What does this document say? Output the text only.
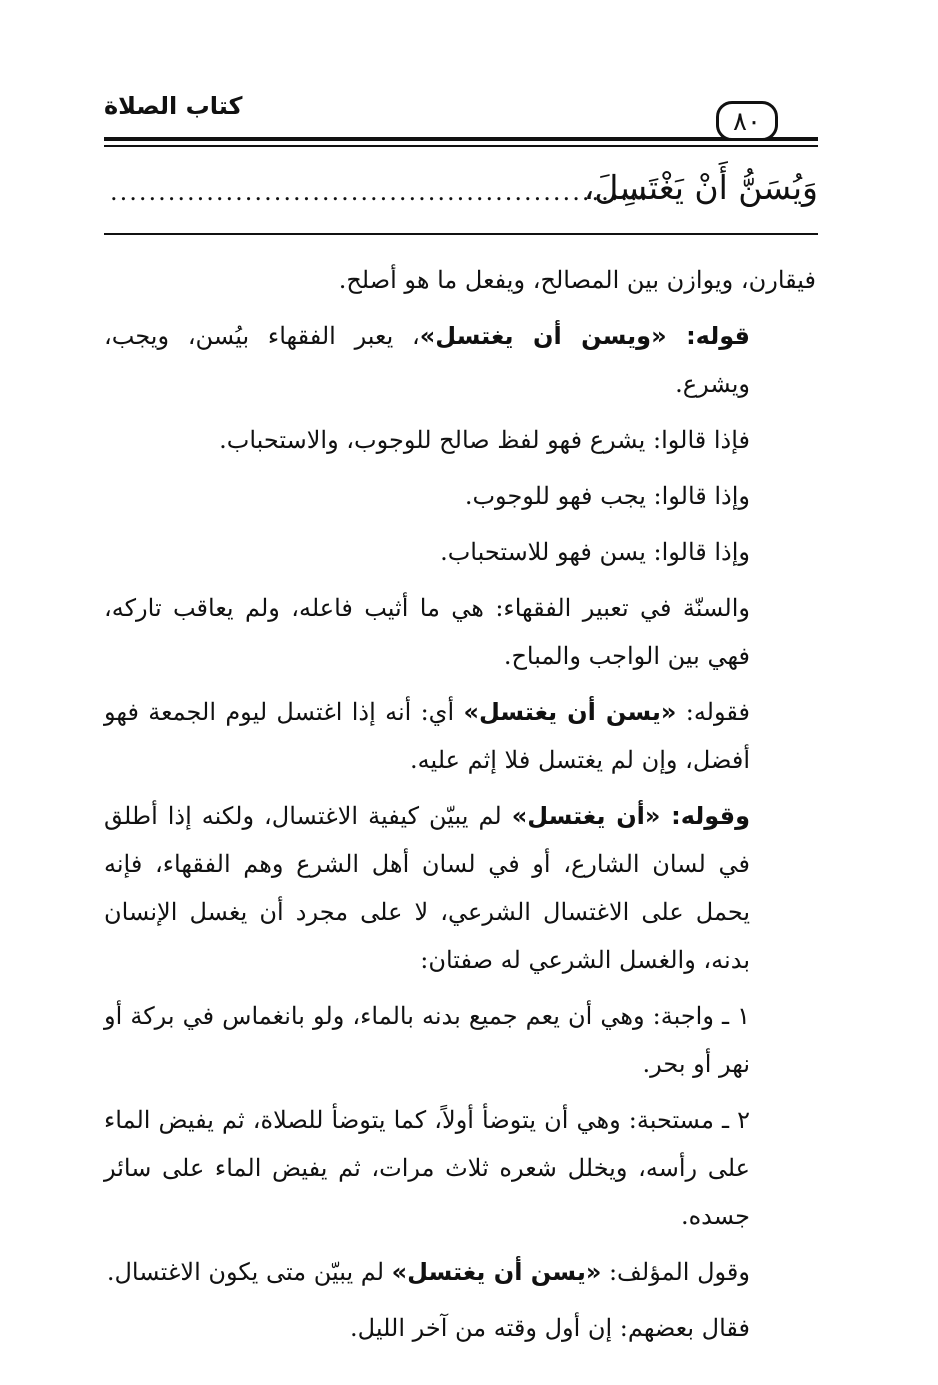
كتاب الصلاة
٨٠
وَيُسَنُّ أَنْ يَغْتَسِلَ،
........................................................

فيقارن، ويوازن بين المصالح، ويفعل ما هو أصلح.

قوله: «ويسن أن يغتسل»، يعبر الفقهاء بيُسن، ويجب، ويشرع.

فإذا قالوا: يشرع فهو لفظ صالح للوجوب، والاستحباب.

وإذا قالوا: يجب فهو للوجوب.

وإذا قالوا: يسن فهو للاستحباب.

والسنّة في تعبير الفقهاء: هي ما أثيب فاعله، ولم يعاقب تاركه، فهي بين الواجب والمباح.

فقوله: «يسن أن يغتسل» أي: أنه إذا اغتسل ليوم الجمعة فهو أفضل، وإن لم يغتسل فلا إثم عليه.

وقوله: «أن يغتسل» لم يبيّن كيفية الاغتسال، ولكنه إذا أطلق في لسان الشارع، أو في لسان أهل الشرع وهم الفقهاء، فإنه يحمل على الاغتسال الشرعي، لا على مجرد أن يغسل الإنسان بدنه، والغسل الشرعي له صفتان:

١ ـ واجبة: وهي أن يعم جميع بدنه بالماء، ولو بانغماس في بركة أو نهر أو بحر.

٢ ـ مستحبة: وهي أن يتوضأ أولاً، كما يتوضأ للصلاة، ثم يفيض الماء على رأسه، ويخلل شعره ثلاث مرات، ثم يفيض الماء على سائر جسده.

وقول المؤلف: «يسن أن يغتسل» لم يبيّن متى يكون الاغتسال.

فقال بعضهم: إن أول وقته من آخر الليل.
